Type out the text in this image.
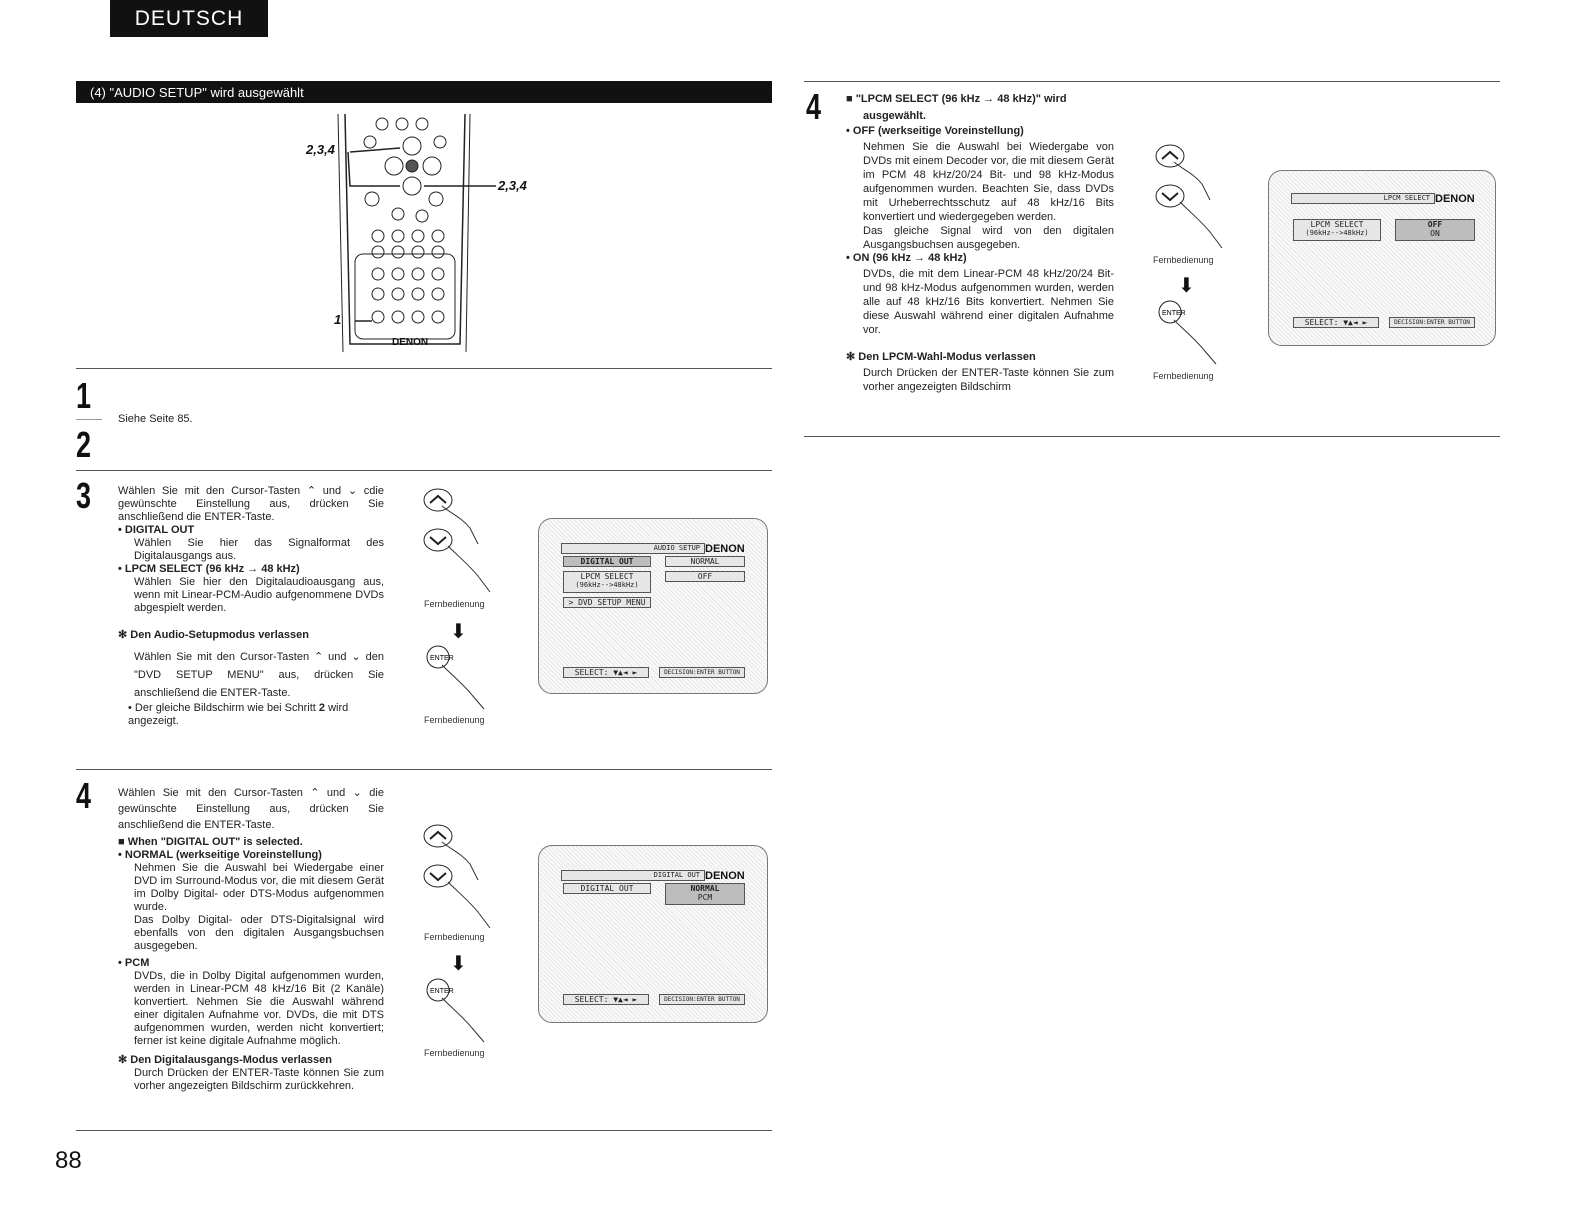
DEUTSCH
(4) "AUDIO SETUP" wird ausgewählt
2,3,4
2,3,4
1
DENON
1
Siehe Seite 85.
2
3 Wählen Sie mit den Cursor-Tasten ⌃ und ⌄ cdie gewünschte Einstellung aus, drücken Sie anschließend die ENTER-Taste.

• DIGITAL OUT

Wählen Sie hier das Signalformat des Digitalausgangs aus.

• LPCM SELECT (96 kHz → 48 kHz)

Wählen Sie hier den Digitalaudioausgang aus, wenn mit Linear-PCM-Audio aufgenommene DVDs abgespielt werden.

✻ Den Audio-Setupmodus verlassen

Wählen Sie mit den Cursor-Tasten ⌃ und ⌄ den "DVD SETUP MENU" aus, drücken Sie anschließend die ENTER-Taste.

• Der gleiche Bildschirm wie bei Schritt 2 wird angezeigt.

Fernbedienung
⬇
ENTER
Fernbedienung
AUDIO SETUP DENON
DIGITAL OUT	NORMAL
LPCM SELECT
(96kHz-->48kHz)
OFF
> DVD SETUP MENU
SELECT: ▼▲◄ ►	DECISION:ENTER BUTTON
4 Wählen Sie mit den Cursor-Tasten ⌃ und ⌄ die gewünschte Einstellung aus, drücken Sie anschließend die ENTER-Taste.

■ When "DIGITAL OUT" is selected.

• NORMAL (werkseitige Voreinstellung)

Nehmen Sie die Auswahl bei Wiedergabe einer DVD im Surround-Modus vor, die mit diesem Gerät im Dolby Digital- oder DTS-Modus aufgenommen wurde.

Das Dolby Digital- oder DTS-Digitalsignal wird ebenfalls von den digitalen Ausgangsbuchsen ausgegeben.

• PCM

DVDs, die in Dolby Digital aufgenommen wurden, werden in Linear-PCM 48 kHz/16 Bit (2 Kanäle) konvertiert. Nehmen Sie die Auswahl während einer digitalen Aufnahme vor. DVDs, die mit DTS aufgenommen wurden, werden nicht konvertiert; ferner ist keine digitale Aufnahme möglich.

✻ Den Digitalausgangs-Modus verlassen

Durch Drücken der ENTER-Taste können Sie zum vorher angezeigten Bildschirm zurückkehren.

Fernbedienung
⬇
ENTER
Fernbedienung
DIGITAL OUT DENON
DIGITAL OUT	NORMAL
PCM
SELECT: ▼▲◄ ►	DECISION:ENTER BUTTON
4 ■ "LPCM SELECT (96 kHz → 48 kHz)" wird

ausgewählt.

• OFF (werkseitige Voreinstellung)

Nehmen Sie die Auswahl bei Wiedergabe von DVDs mit einem Decoder vor, die mit diesem Gerät im PCM 48 kHz/20/24 Bit- und 98 kHz-Modus aufgenommen wurden. Beachten Sie, dass DVDs mit Urheberrechtsschutz auf 48 kHz/16 Bits konvertiert und wiedergegeben werden.

Das gleiche Signal wird von den digitalen Ausgangsbuchsen ausgegeben.

• ON (96 kHz → 48 kHz)

DVDs, die mit dem Linear-PCM 48 kHz/20/24 Bit- und 98 kHz-Modus aufgenommen wurden, werden alle auf 48 kHz/16 Bits konvertiert. Nehmen Sie diese Auswahl während einer digitalen Aufnahme vor.

✻ Den LPCM-Wahl-Modus verlassen

Durch Drücken der ENTER-Taste können Sie zum vorher angezeigten Bildschirm

Fernbedienung
⬇
ENTER
Fernbedienung
LPCM SELECT DENON
LPCM SELECT
(96kHz-->48kHz)
OFF
ON
SELECT: ▼▲◄ ►	DECISION:ENTER BUTTON
88
